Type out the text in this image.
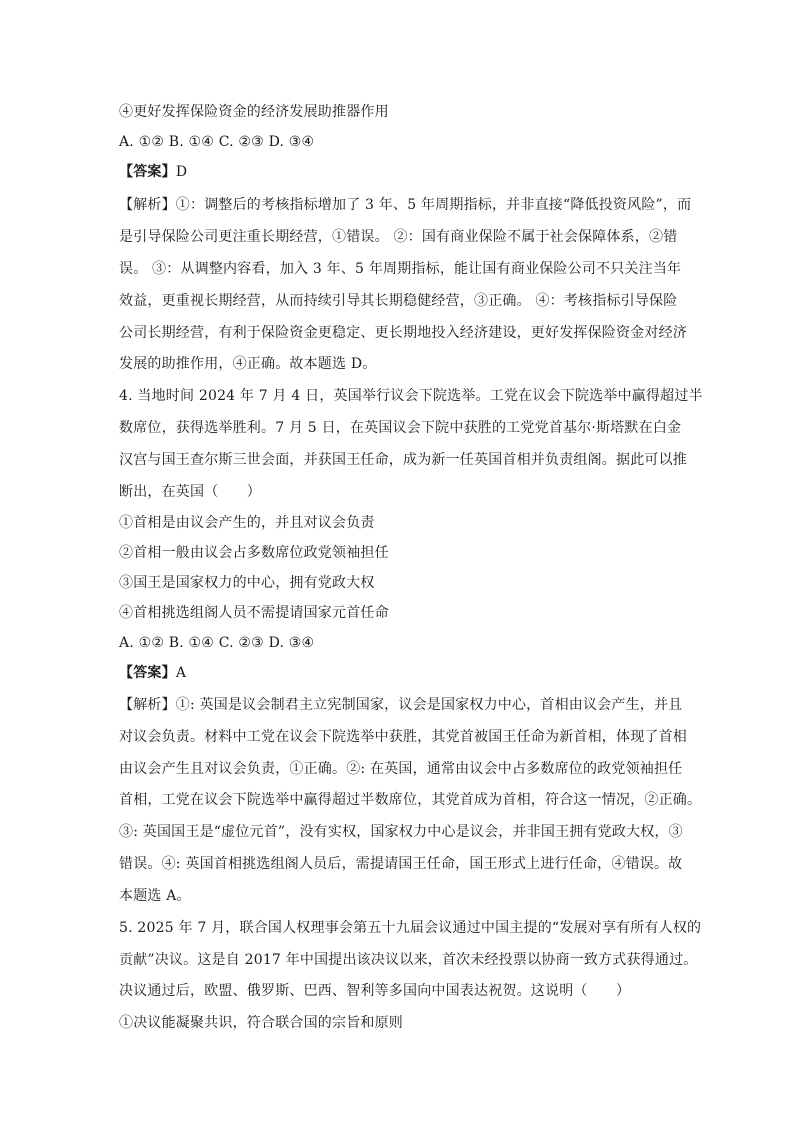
④更好发挥保险资金的经济发展助推器作用
A. ①② B. ①④ C. ②③ D. ③④
【答案】D
【解析】①：调整后的考核指标增加了 3 年、5 年周期指标，并非直接“降低投资风险”，而
是引导保险公司更注重长期经营，①错误。 ②：国有商业保险不属于社会保障体系，②错
误。 ③：从调整内容看，加入 3 年、5 年周期指标，能让国有商业保险公司不只关注当年
效益，更重视长期经营，从而持续引导其长期稳健经营，③正确。 ④：考核指标引导保险
公司长期经营，有利于保险资金更稳定、更长期地投入经济建设，更好发挥保险资金对经济
发展的助推作用，④正确。故本题选 D。
4. 当地时间 2024 年 7 月 4 日，英国举行议会下院选举。工党在议会下院选举中赢得超过半
数席位，获得选举胜利。7 月 5 日，在英国议会下院中获胜的工党党首基尔·斯塔默在白金
汉宫与国王查尔斯三世会面，并获国王任命，成为新一任英国首相并负责组阁。据此可以推
断出，在英国（　　）
①首相是由议会产生的，并且对议会负责
②首相一般由议会占多数席位政党领袖担任
③国王是国家权力的中心，拥有党政大权
④首相挑选组阁人员不需提请国家元首任命
A. ①② B. ①④ C. ②③ D. ③④
【答案】A
【解析】①: 英国是议会制君主立宪制国家，议会是国家权力中心，首相由议会产生，并且
对议会负责。材料中工党在议会下院选举中获胜，其党首被国王任命为新首相，体现了首相
由议会产生且对议会负责，①正确。②: 在英国，通常由议会中占多数席位的政党领袖担任
首相，工党在议会下院选举中赢得超过半数席位，其党首成为首相，符合这一情况，②正确。
③: 英国国王是“虚位元首”，没有实权，国家权力中心是议会，并非国王拥有党政大权，③
错误。④: 英国首相挑选组阁人员后，需提请国王任命，国王形式上进行任命，④错误。故
本题选 A。
5. 2025 年 7 月，联合国人权理事会第五十九届会议通过中国主提的“发展对享有所有人权的
贡献”决议。这是自 2017 年中国提出该决议以来，首次未经投票以协商一致方式获得通过。
决议通过后，欧盟、俄罗斯、巴西、智利等多国向中国表达祝贺。这说明（　　）
①决议能凝聚共识，符合联合国的宗旨和原则
